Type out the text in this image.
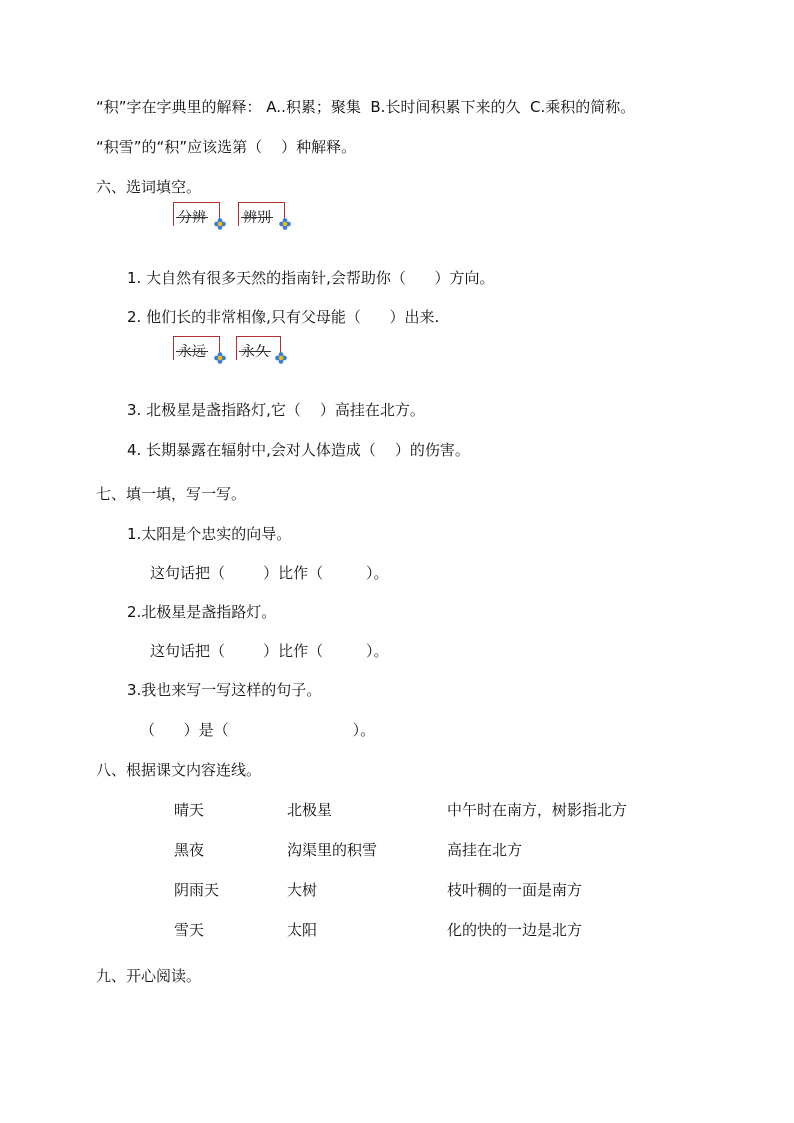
“积”字在字典里的解释： A..积累；聚集  B.长时间积累下来的久  C.乘积的简称。
“积雪”的“积”应该选第（    ）种解释。
六、选词填空。
分辨	辨别
1. 大自然有很多天然的指南针,会帮助你（      ）方向。
2. 他们长的非常相像,只有父母能（      ）出来.
永远	永久
3. 北极星是盏指路灯,它（    ）高挂在北方。
4. 长期暴露在辐射中,会对人体造成（    ）的伤害。
七、填一填，写一写。
1.太阳是个忠实的向导。
这句话把（        ）比作（         ）。
2.北极星是盏指路灯。
这句话把（        ）比作（         ）。
3.我也来写一写这样的句子。
（      ）是（                          ）。
八、根据课文内容连线。
晴天	北极星	中午时在南方，树影指北方
黑夜	沟渠里的积雪	高挂在北方
阴雨天	大树	枝叶稠的一面是南方
雪天	太阳	化的快的一边是北方
九、开心阅读。
